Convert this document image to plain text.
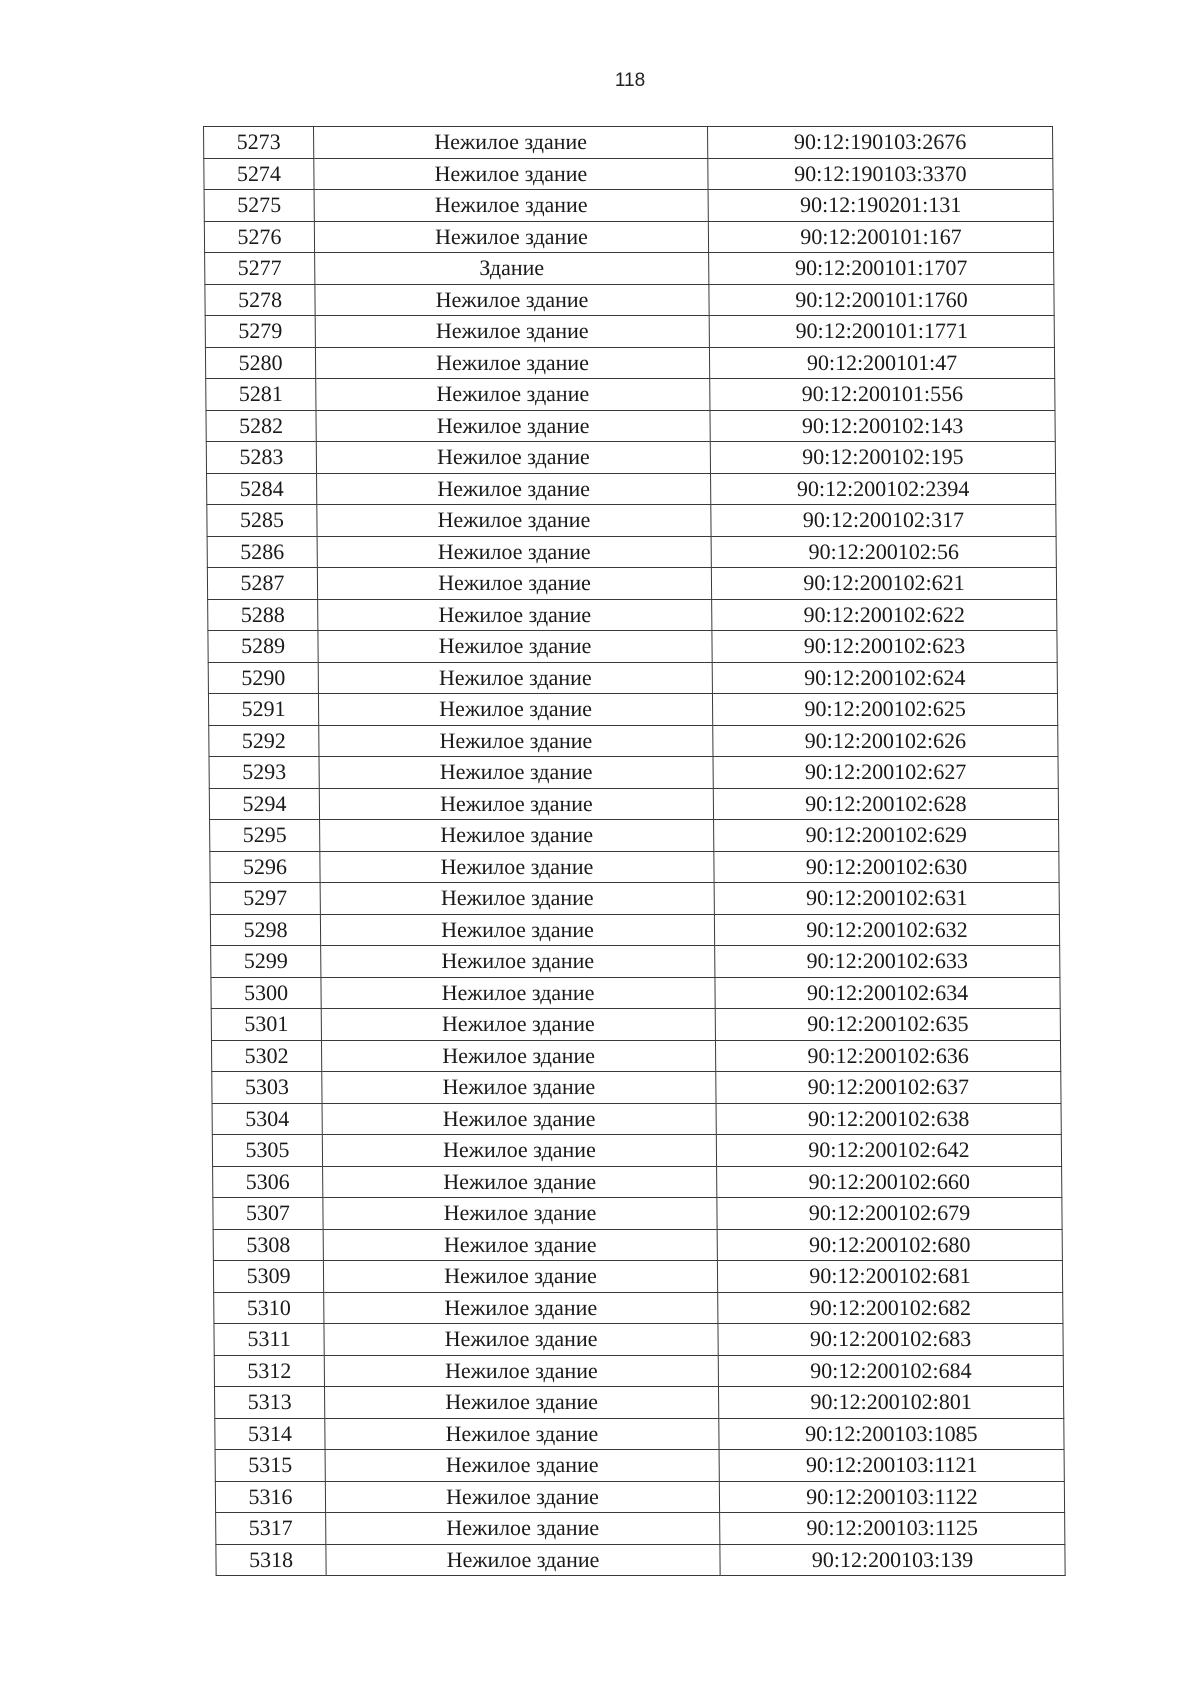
118
5273	Нежилое здание	90:12:190103:2676
5274	Нежилое здание	90:12:190103:3370
5275	Нежилое здание	90:12:190201:131
5276	Нежилое здание	90:12:200101:167
5277	Здание	90:12:200101:1707
5278	Нежилое здание	90:12:200101:1760
5279	Нежилое здание	90:12:200101:1771
5280	Нежилое здание	90:12:200101:47
5281	Нежилое здание	90:12:200101:556
5282	Нежилое здание	90:12:200102:143
5283	Нежилое здание	90:12:200102:195
5284	Нежилое здание	90:12:200102:2394
5285	Нежилое здание	90:12:200102:317
5286	Нежилое здание	90:12:200102:56
5287	Нежилое здание	90:12:200102:621
5288	Нежилое здание	90:12:200102:622
5289	Нежилое здание	90:12:200102:623
5290	Нежилое здание	90:12:200102:624
5291	Нежилое здание	90:12:200102:625
5292	Нежилое здание	90:12:200102:626
5293	Нежилое здание	90:12:200102:627
5294	Нежилое здание	90:12:200102:628
5295	Нежилое здание	90:12:200102:629
5296	Нежилое здание	90:12:200102:630
5297	Нежилое здание	90:12:200102:631
5298	Нежилое здание	90:12:200102:632
5299	Нежилое здание	90:12:200102:633
5300	Нежилое здание	90:12:200102:634
5301	Нежилое здание	90:12:200102:635
5302	Нежилое здание	90:12:200102:636
5303	Нежилое здание	90:12:200102:637
5304	Нежилое здание	90:12:200102:638
5305	Нежилое здание	90:12:200102:642
5306	Нежилое здание	90:12:200102:660
5307	Нежилое здание	90:12:200102:679
5308	Нежилое здание	90:12:200102:680
5309	Нежилое здание	90:12:200102:681
5310	Нежилое здание	90:12:200102:682
5311	Нежилое здание	90:12:200102:683
5312	Нежилое здание	90:12:200102:684
5313	Нежилое здание	90:12:200102:801
5314	Нежилое здание	90:12:200103:1085
5315	Нежилое здание	90:12:200103:1121
5316	Нежилое здание	90:12:200103:1122
5317	Нежилое здание	90:12:200103:1125
5318	Нежилое здание	90:12:200103:139
